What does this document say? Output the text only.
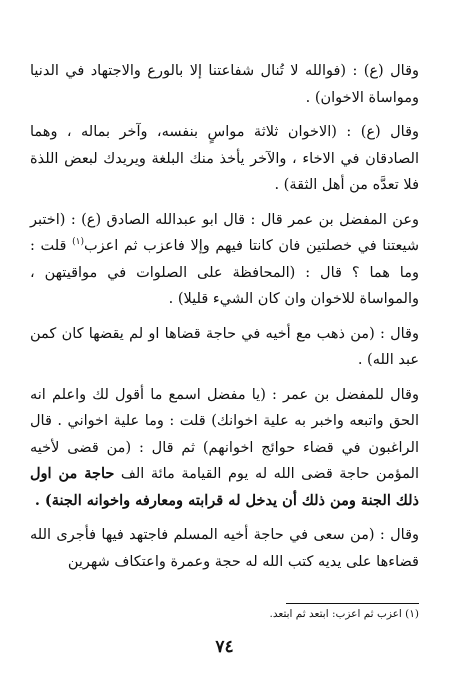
وقال (ع) : (فوالله لا تُنال شفاعتنا إلا بالورع والاجتهاد في الدنيا ومواساة الاخوان) .

وقال (ع) : (الاخوان ثلاثة مواسٍ بنفسه، وآخر بماله ، وهما الصادقان في الاخاء ، والآخر يأخذ منك البلغة ويريدك لبعض اللذة فلا تعدَّه من أهل الثقة) .

وعن المفضل بن عمر قال : قال ابو عبدالله الصادق (ع) : (اختبر شيعتنا في خصلتين فان كانتا فيهم وإلا فاعزب ثم اعزب$^{(١)}$ قلت : وما هما ؟ قال : (المحافظة على الصلوات في مواقيتهن ، والمواساة للاخوان وان كان الشيء قليلا) .

وقال : (من ذهب مع أخيه في حاجة قضاها او لم يقضها كان كمن عبد الله) .

وقال للمفضل بن عمر : (يا مفضل اسمع ما أقول لك واعلم انه الحق واتبعه واخبر به علية اخوانك) قلت : وما علية اخواني . قال الراغبون في قضاء حوائج اخوانهم) ثم قال : (من قضى لأخيه المؤمن حاجة قضى الله له يوم القيامة مائة الف حاجة من اول ذلك الجنة ومن ذلك أن يدخل له قرابته ومعارفه واخوانه الجنة) .

وقال : (من سعى في حاجة أخيه المسلم فاجتهد فيها فأجرى الله قضاءها على يديه كتب الله له حجة وعمرة واعتكاف شهرين

(١) اعزب ثم اعزب: ابتعد ثم ابتعد.
٧٤
